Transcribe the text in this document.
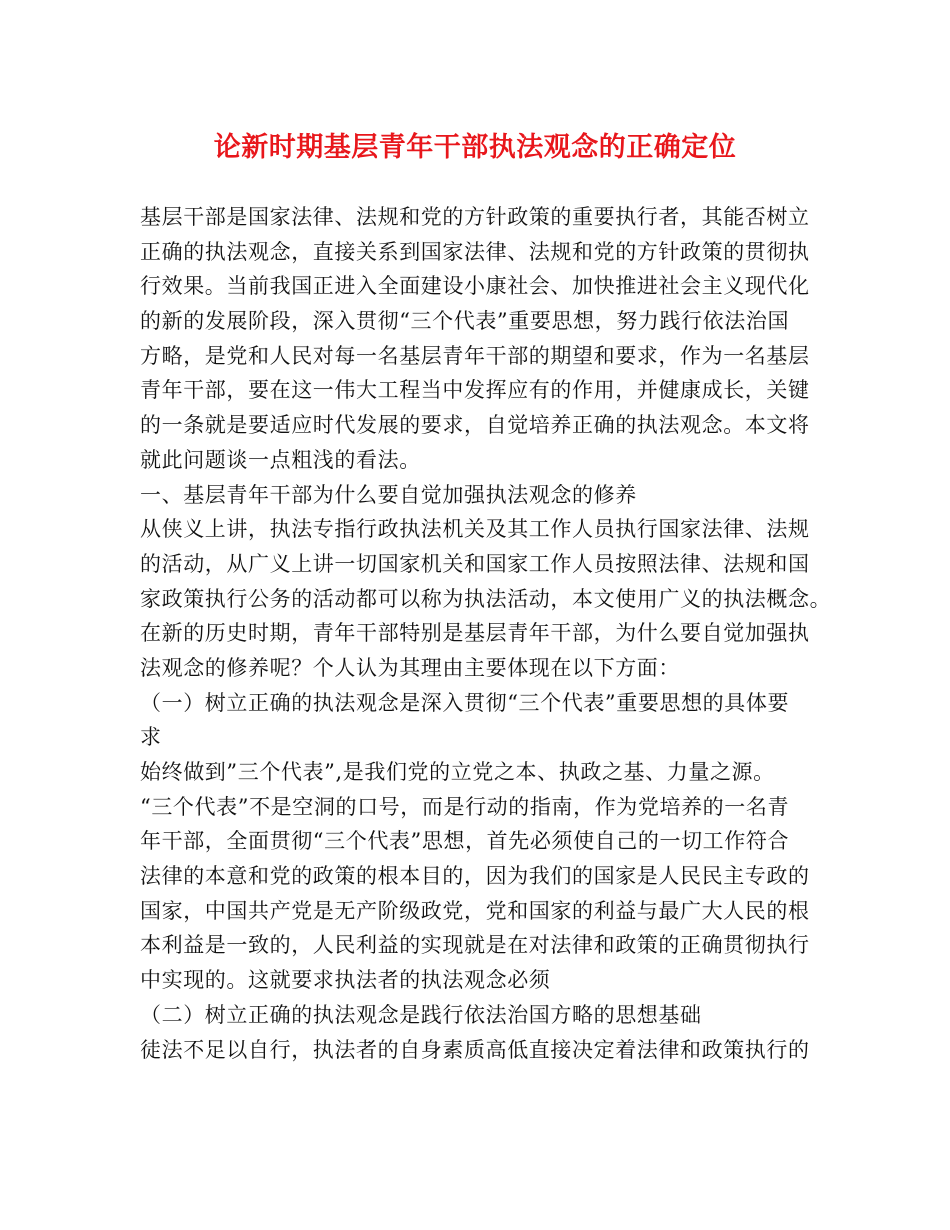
论新时期基层青年干部执法观念的正确定位
基层干部是国家法律、法规和党的方针政策的重要执行者，其能否树立
正确的执法观念，直接关系到国家法律、法规和党的方针政策的贯彻执
行效果。当前我国正进入全面建设小康社会、加快推进社会主义现代化
的新的发展阶段，深入贯彻“三个代表”重要思想，努力践行依法治国
方略，是党和人民对每一名基层青年干部的期望和要求，作为一名基层
青年干部，要在这一伟大工程当中发挥应有的作用，并健康成长，关键
的一条就是要适应时代发展的要求，自觉培养正确的执法观念。本文将
就此问题谈一点粗浅的看法。
一、基层青年干部为什么要自觉加强执法观念的修养
从侠义上讲，执法专指行政执法机关及其工作人员执行国家法律、法规
的活动，从广义上讲一切国家机关和国家工作人员按照法律、法规和国
家政策执行公务的活动都可以称为执法活动，本文使用广义的执法概念。
在新的历史时期，青年干部特别是基层青年干部，为什么要自觉加强执
法观念的修养呢？个人认为其理由主要体现在以下方面：
（一）树立正确的执法观念是深入贯彻“三个代表”重要思想的具体要
求
始终做到”三个代表”,是我们党的立党之本、执政之基、力量之源。
“三个代表”不是空洞的口号，而是行动的指南，作为党培养的一名青
年干部，全面贯彻“三个代表”思想，首先必须使自己的一切工作符合
法律的本意和党的政策的根本目的，因为我们的国家是人民民主专政的
国家，中国共产党是无产阶级政党，党和国家的利益与最广大人民的根
本利益是一致的，人民利益的实现就是在对法律和政策的正确贯彻执行
中实现的。这就要求执法者的执法观念必须
（二）树立正确的执法观念是践行依法治国方略的思想基础
徒法不足以自行，执法者的自身素质高低直接决定着法律和政策执行的
